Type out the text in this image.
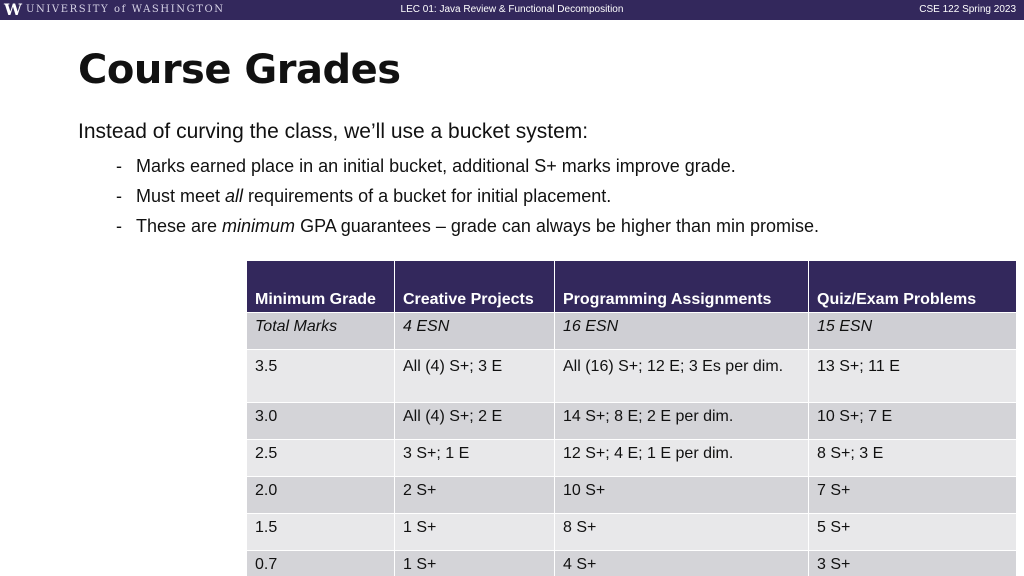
W UNIVERSITY of WASHINGTON	LEC 01: Java Review & Functional Decomposition	CSE 122 Spring 2023
Course Grades

Instead of curving the class, we’ll use a bucket system:

- Marks earned place in an initial bucket, additional S+ marks improve grade.
- Must meet all requirements of a bucket for initial placement.
- These are minimum GPA guarantees – grade can always be higher than min promise.
Minimum Grade	Creative Projects	Programming Assignments	Quiz/Exam Problems
Total Marks	4 ESN	16 ESN	15 ESN
3.5	All (4) S+; 3 E	All (16) S+; 12 E; 3 Es per dim.	13 S+; 11 E
3.0	All (4) S+; 2 E	14 S+; 8 E; 2 E per dim.	10 S+; 7 E
2.5	3 S+; 1 E	12 S+; 4 E; 1 E per dim.	8 S+; 3 E
2.0	2 S+	10 S+	7 S+
1.5	1 S+	8 S+	5 S+
0.7	1 S+	4 S+	3 S+
